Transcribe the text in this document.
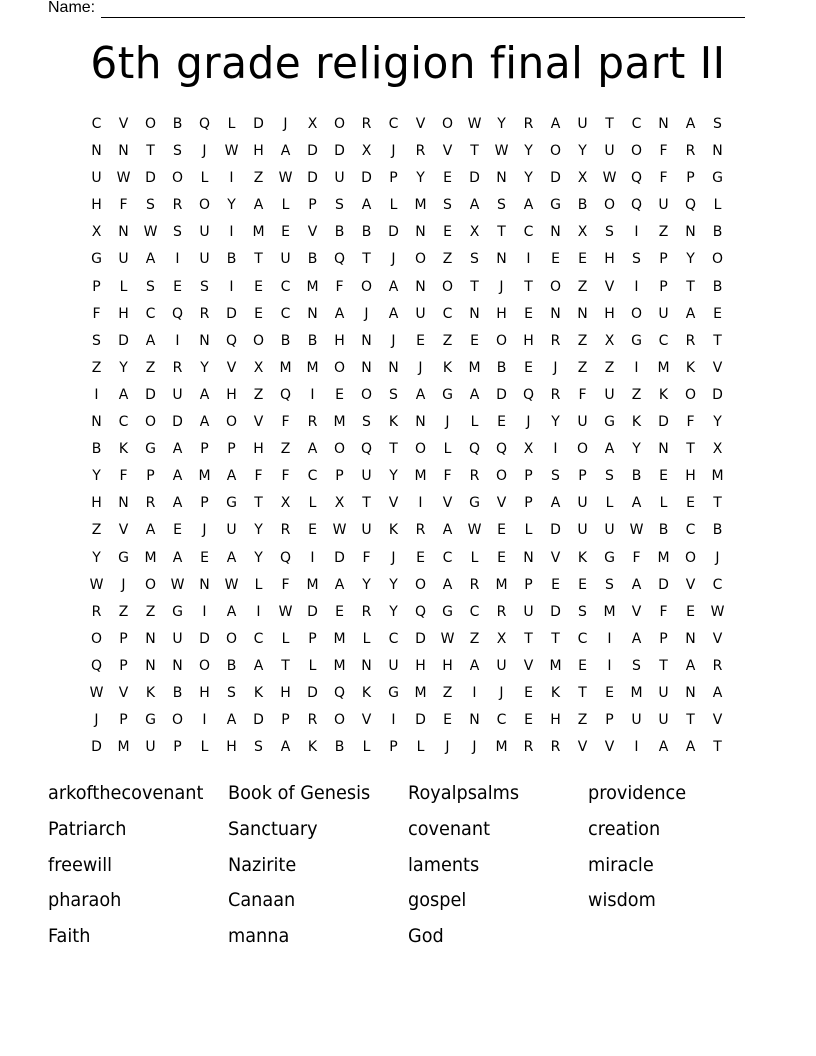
Name:
6th grade religion final part II
C	V	O	B	Q	L	D	J	X	O	R	C	V	O	W	Y	R	A	U	T	C	N	A	S
N	N	T	S	J	W	H	A	D	D	X	J	R	V	T	W	Y	O	Y	U	O	F	R	N
U	W	D	O	L	I	Z	W	D	U	D	P	Y	E	D	N	Y	D	X	W	Q	F	P	G
H	F	S	R	O	Y	A	L	P	S	A	L	M	S	A	S	A	G	B	O	Q	U	Q	L
X	N	W	S	U	I	M	E	V	B	B	D	N	E	X	T	C	N	X	S	I	Z	N	B
G	U	A	I	U	B	T	U	B	Q	T	J	O	Z	S	N	I	E	E	H	S	P	Y	O
P	L	S	E	S	I	E	C	M	F	O	A	N	O	T	J	T	O	Z	V	I	P	T	B
F	H	C	Q	R	D	E	C	N	A	J	A	U	C	N	H	E	N	N	H	O	U	A	E
S	D	A	I	N	Q	O	B	B	H	N	J	E	Z	E	O	H	R	Z	X	G	C	R	T
Z	Y	Z	R	Y	V	X	M	M	O	N	N	J	K	M	B	E	J	Z	Z	I	M	K	V
I	A	D	U	A	H	Z	Q	I	E	O	S	A	G	A	D	Q	R	F	U	Z	K	O	D
N	C	O	D	A	O	V	F	R	M	S	K	N	J	L	E	J	Y	U	G	K	D	F	Y
B	K	G	A	P	P	H	Z	A	O	Q	T	O	L	Q	Q	X	I	O	A	Y	N	T	X
Y	F	P	A	M	A	F	F	C	P	U	Y	M	F	R	O	P	S	P	S	B	E	H	M
H	N	R	A	P	G	T	X	L	X	T	V	I	V	G	V	P	A	U	L	A	L	E	T
Z	V	A	E	J	U	Y	R	E	W	U	K	R	A	W	E	L	D	U	U	W	B	C	B
Y	G	M	A	E	A	Y	Q	I	D	F	J	E	C	L	E	N	V	K	G	F	M	O	J
W	J	O	W	N	W	L	F	M	A	Y	Y	O	A	R	M	P	E	E	S	A	D	V	C
R	Z	Z	G	I	A	I	W	D	E	R	Y	Q	G	C	R	U	D	S	M	V	F	E	W
O	P	N	U	D	O	C	L	P	M	L	C	D	W	Z	X	T	T	C	I	A	P	N	V
Q	P	N	N	O	B	A	T	L	M	N	U	H	H	A	U	V	M	E	I	S	T	A	R
W	V	K	B	H	S	K	H	D	Q	K	G	M	Z	I	J	E	K	T	E	M	U	N	A
J	P	G	O	I	A	D	P	R	O	V	I	D	E	N	C	E	H	Z	P	U	U	T	V
D	M	U	P	L	H	S	A	K	B	L	P	L	J	J	M	R	R	V	V	I	A	A	T
arkofthecovenant	Book of Genesis	Royalpsalms	providence
Patriarch	Sanctuary	covenant	creation
freewill	Nazirite	laments	miracle
pharaoh	Canaan	gospel	wisdom
Faith	manna	God
